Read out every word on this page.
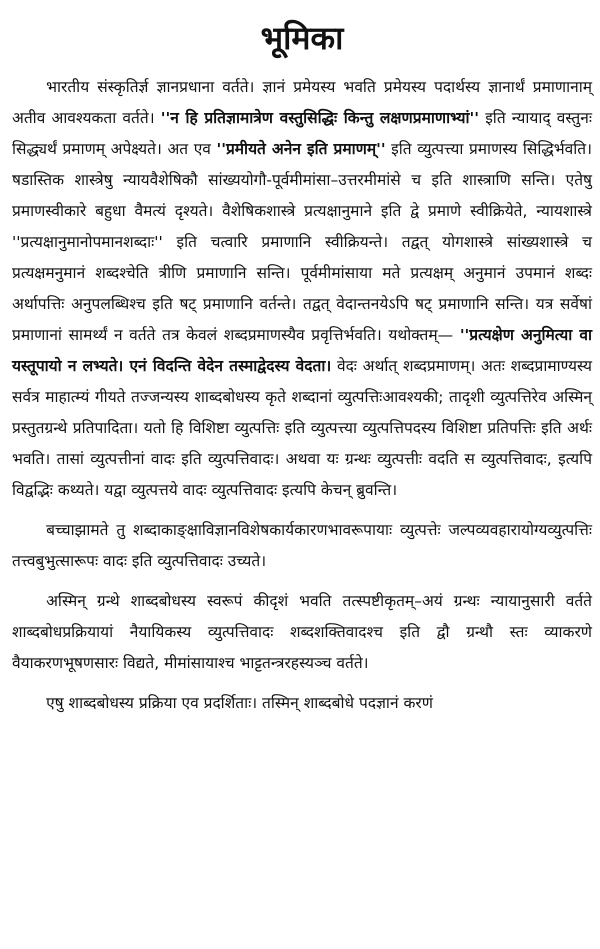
भूमिका

भारतीय संस्कृतिर्ज्ञ ज्ञानप्रधाना वर्तते। ज्ञानं प्रमेयस्य भवति प्रमेयस्य पदार्थस्य ज्ञानार्थं प्रमाणानाम् अतीव आवश्यकता वर्तते। ''न हि प्रतिज्ञामात्रेण वस्तुसिद्धिः किन्तु लक्षणप्रमाणाभ्यां'' इति न्यायाद् वस्तुनः सिद्ध्यर्थं प्रमाणम् अपेक्ष्यते। अत एव ''प्रमीयते अनेन इति प्रमाणम्'' इति व्युत्पत्त्या प्रमाणस्य सिद्धिर्भवति। षडास्तिक शास्त्रेषु न्यायवैशेषिकौ सांख्ययोगौ-पूर्वमीमांसा–उत्तरमीमांसे च इति शास्त्राणि सन्ति। एतेषु प्रमाणस्वीकारे बहुधा वैमत्यं दृश्यते। वैशेषिकशास्त्रे प्रत्यक्षानुमाने इति द्वे प्रमाणे स्वीक्रियेते, न्यायशास्त्रे ''प्रत्यक्षानुमानोपमानशब्दाः'' इति चत्वारि प्रमाणानि स्वीक्रियन्ते। तद्वत् योगशास्त्रे सांख्यशास्त्रे च प्रत्यक्षमनुमानं शब्दश्चेति त्रीणि प्रमाणानि सन्ति। पूर्वमीमांसाया मते प्रत्यक्षम् अनुमानं उपमानं शब्दः अर्थापत्तिः अनुपलब्धिश्च इति षट् प्रमाणानि वर्तन्ते। तद्वत् वेदान्तनयेऽपि षट् प्रमाणानि सन्ति। यत्र सर्वेषां प्रमाणानां सामर्थ्यं न वर्तते तत्र केवलं शब्दप्रमाणस्यैव प्रवृत्तिर्भवति। यथोक्तम्— ''प्रत्यक्षेण अनुमित्या वा यस्तूपायो न लभ्यते। एनं विदन्ति वेदेन तस्माद्वेदस्य वेदता। वेदः अर्थात् शब्दप्रमाणम्। अतः शब्दप्रामाण्यस्य सर्वत्र माहात्म्यं गीयते तज्जन्यस्य शाब्दबोधस्य कृते शब्दानां व्युत्पत्तिःआवश्यकी; तादृशी व्युत्पत्तिरेव अस्मिन् प्रस्तुतग्रन्थे प्रतिपादिता। यतो हि विशिष्टा व्युत्पत्तिः इति व्युत्पत्त्या व्युत्पत्तिपदस्य विशिष्टा प्रतिपत्तिः इति अर्थः भवति। तासां व्युत्पत्तीनां वादः इति व्युत्पत्तिवादः। अथवा यः ग्रन्थः व्युत्पत्तीः वदति स व्युत्पत्तिवादः, इत्यपि विद्वद्भिः कथ्यते। यद्वा व्युत्पत्तये वादः व्युत्पत्तिवादः इत्यपि केचन् ब्रुवन्ति।

बच्चाझामते तु शब्दाकाङ्क्षाविज्ञानविशेषकार्यकारणभावरूपायाः व्युत्पत्तेः जल्पव्यवहारायोग्यव्युत्पत्तिः तत्त्वबुभुत्सारूपः वादः इति व्युत्पत्तिवादः उच्यते।

अस्मिन् ग्रन्थे शाब्दबोधस्य स्वरूपं कीदृशं भवति तत्स्पष्टीकृतम्–अयं ग्रन्थः न्यायानुसारी वर्तते शाब्दबोधप्रक्रियायां नैयायिकस्य व्युत्पत्तिवादः शब्दशक्तिवादश्च इति द्वौ ग्रन्थौ स्तः व्याकरणे वैयाकरणभूषणसारः विद्यते, मीमांसायाश्च भाट्टतन्त्ररहस्यञ्च वर्तते।

एषु शाब्दबोधस्य प्रक्रिया एव प्रदर्शिताः। तस्मिन् शाब्दबोधे पदज्ञानं करणं
